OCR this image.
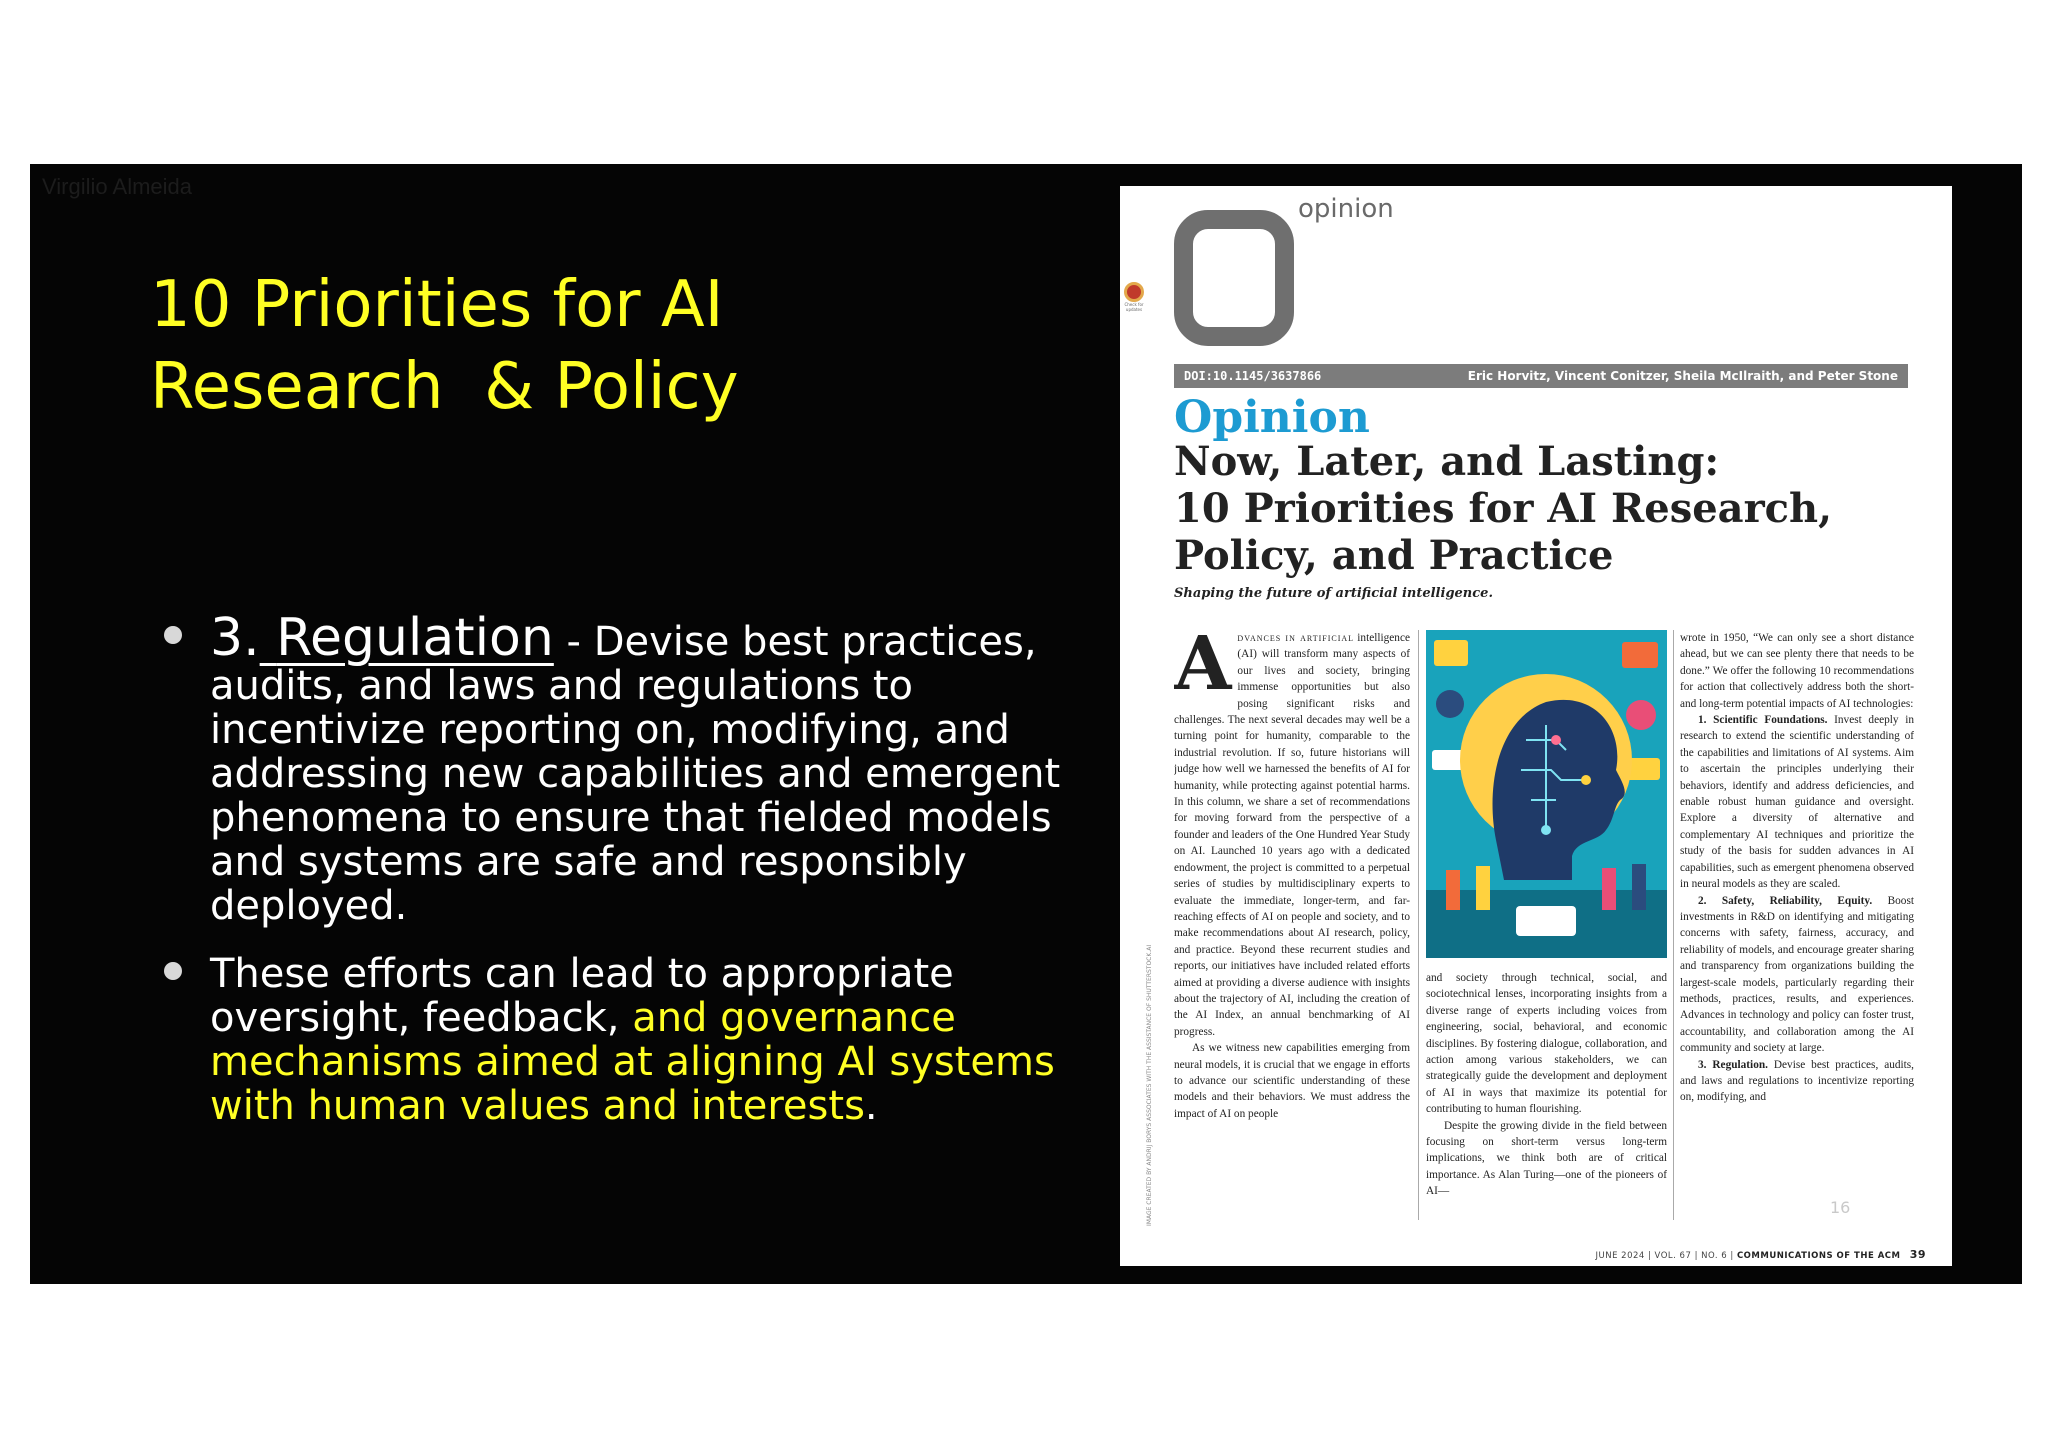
Virgilio Almeida
10 Priorities for AI
Research  & Policy
3. Regulation - Devise best practices, audits, and laws and regulations to incentivize reporting on, modifying, and addressing new capabilities and emergent phenomena to ensure that fielded models and systems are safe and responsibly deployed.
These efforts can lead to appropriate oversight, feedback, and governance mechanisms aimed at aligning AI systems with human values and interests.
opinion
Check for updates
DOI:10.1145/3637866	Eric Horvitz, Vincent Conitzer, Sheila McIlraith, and Peter Stone
Opinion
Now, Later, and Lasting:
10 Priorities for AI Research,
Policy, and Practice
Shaping the future of artificial intelligence.
A dvances in artificial intelligence (AI) will transform many aspects of our lives and society, bringing immense opportunities but also posing significant risks and challenges. The next several decades may well be a turning point for humanity, comparable to the industrial revolution. If so, future historians will judge how well we harnessed the benefits of AI for humanity, while protecting against potential harms. In this column, we share a set of recommendations for moving forward from the perspective of a founder and leaders of the One Hundred Year Study on AI. Launched 10 years ago with a dedicated endowment, the project is committed to a perpetual series of studies by multidisciplinary experts to evaluate the immediate, longer-term, and far-reaching effects of AI on people and society, and to make recommendations about AI research, policy, and practice. Beyond these recurrent studies and reports, our initiatives have included related efforts aimed at providing a diverse audience with insights about the trajectory of AI, including the creation of the AI Index, an annual benchmarking of AI progress.

As we witness new capabilities emerging from neural models, it is crucial that we engage in efforts to advance our scientific understanding of these models and their behaviors. We must address the impact of AI on people

and society through technical, social, and sociotechnical lenses, incorporating insights from a diverse range of experts including voices from engineering, social, behavioral, and economic disciplines. By fostering dialogue, collaboration, and action among various stakeholders, we can strategically guide the development and deployment of AI in ways that maximize its potential for contributing to human flourishing.

Despite the growing divide in the field between focusing on short-term versus long-term implications, we think both are of critical importance. As Alan Turing—one of the pioneers of AI—

wrote in 1950, “We can only see a short distance ahead, but we can see plenty there that needs to be done.” We offer the following 10 recommendations for action that collectively address both the short- and long-term potential impacts of AI technologies:

1. Scientific Foundations. Invest deeply in research to extend the scientific understanding of the capabilities and limitations of AI systems. Aim to ascertain the principles underlying their behaviors, identify and address deficiencies, and enable robust human guidance and oversight. Explore a diversity of alternative and complementary AI techniques and prioritize the study of the basis for sudden advances in AI capabilities, such as emergent phenomena observed in neural models as they are scaled.

2. Safety, Reliability, Equity. Boost investments in R&D on identifying and mitigating concerns with safety, fairness, accuracy, and reliability of models, and encourage greater sharing and transparency from organizations building the largest-scale models, particularly regarding their methods, practices, results, and experiences. Advances in technology and policy can foster trust, accountability, and collaboration among the AI community and society at large.

3. Regulation. Devise best practices, audits, and laws and regulations to incentivize reporting on, modifying, and

IMAGE CREATED BY ANDRIJ BORYS ASSOCIATES WITH THE ASSISTANCE OF SHUTTERSTOCK.AI	16
JUNE 2024 | VOL. 67 | NO. 6 | COMMUNICATIONS OF THE ACM 39
